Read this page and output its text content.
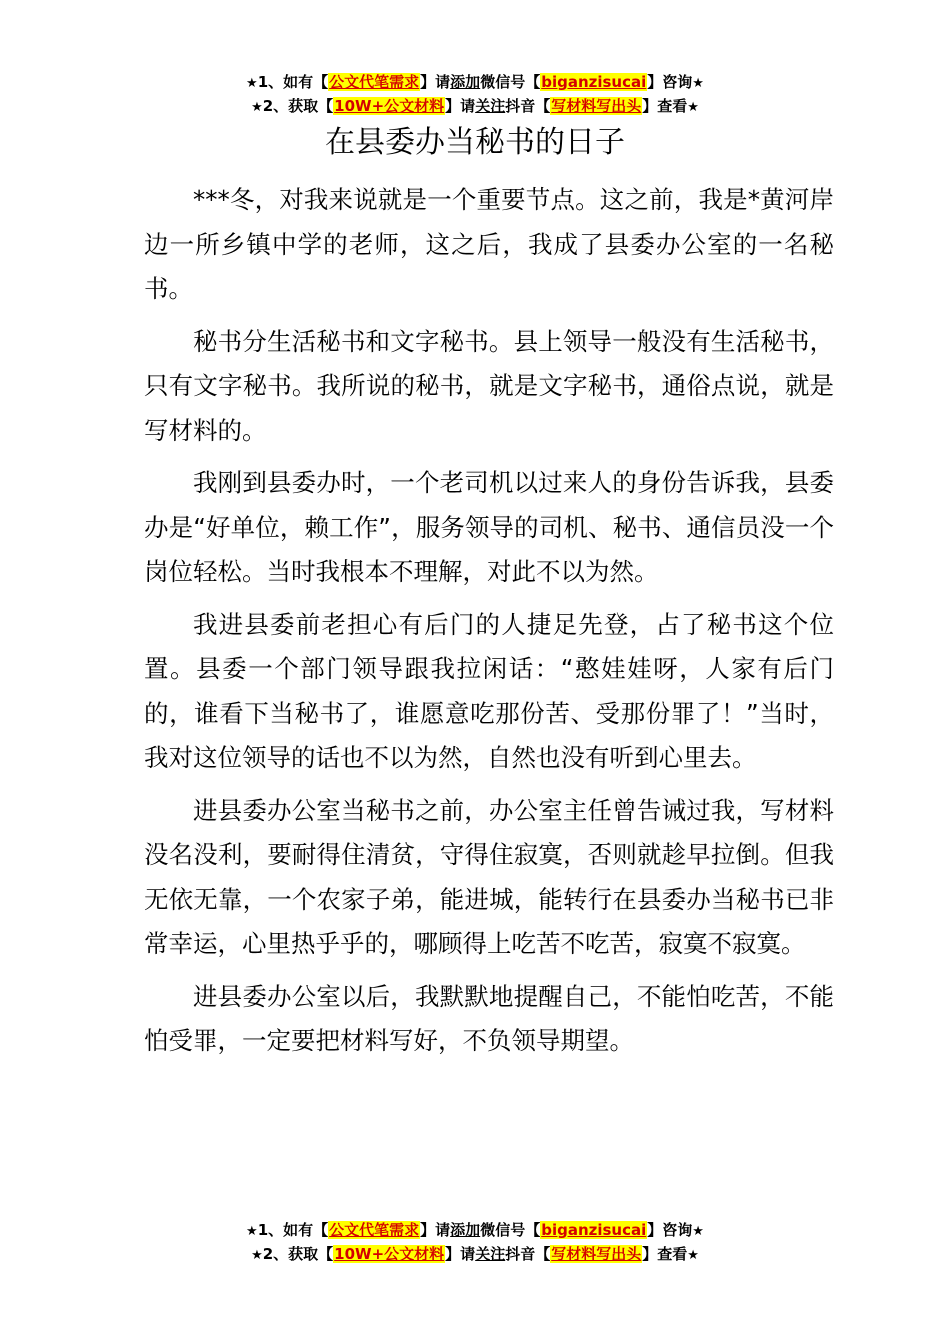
★1、如有【公文代笔需求】请添加微信号【biganzisucai】咨询★
★2、获取【10W+公文材料】请关注抖音【写材料写出头】查看★
在县委办当秘书的日子

***冬，对我来说就是一个重要节点。这之前，我是*黄河岸边一所乡镇中学的老师，这之后，我成了县委办公室的一名秘书。

秘书分生活秘书和文字秘书。县上领导一般没有生活秘书，只有文字秘书。我所说的秘书，就是文字秘书，通俗点说，就是写材料的。

我刚到县委办时，一个老司机以过来人的身份告诉我，县委办是“好单位，赖工作”，服务领导的司机、秘书、通信员没一个岗位轻松。当时我根本不理解，对此不以为然。

我进县委前老担心有后门的人捷足先登，占了秘书这个位置。县委一个部门领导跟我拉闲话：“憨娃娃呀，人家有后门的，谁看下当秘书了，谁愿意吃那份苦、受那份罪了！”当时，我对这位领导的话也不以为然，自然也没有听到心里去。

进县委办公室当秘书之前，办公室主任曾告诫过我，写材料没名没利，要耐得住清贫，守得住寂寞，否则就趁早拉倒。但我无依无靠，一个农家子弟，能进城，能转行在县委办当秘书已非常幸运，心里热乎乎的，哪顾得上吃苦不吃苦，寂寞不寂寞。

进县委办公室以后，我默默地提醒自己，不能怕吃苦，不能怕受罪，一定要把材料写好，不负领导期望。

★1、如有【公文代笔需求】请添加微信号【biganzisucai】咨询★
★2、获取【10W+公文材料】请关注抖音【写材料写出头】查看★
